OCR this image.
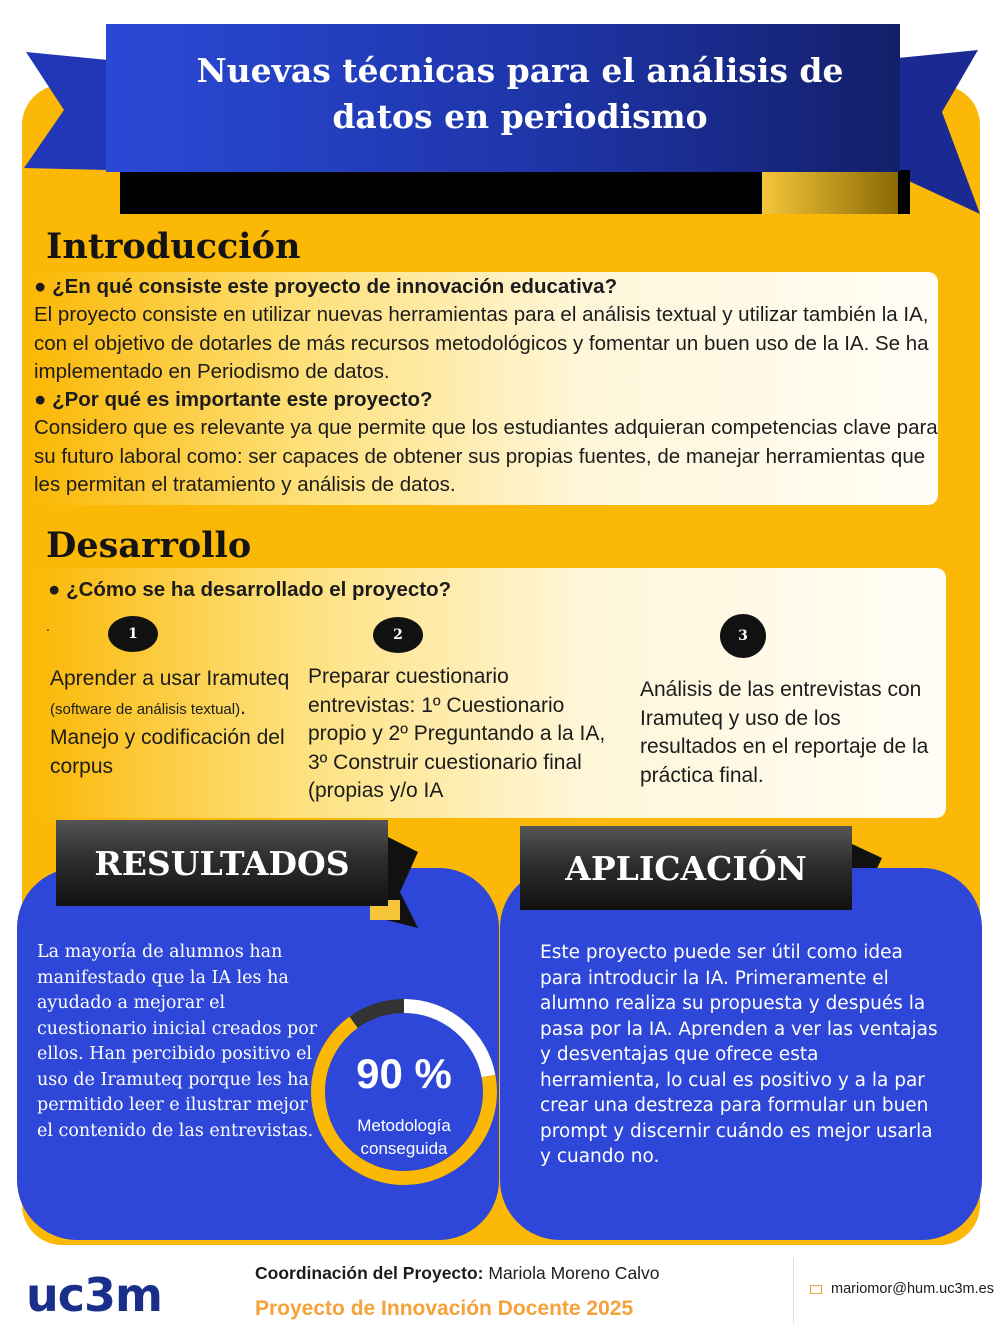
Nuevas técnicas para el análisis de
datos en periodismo
Introducción
● ¿En qué consiste este proyecto de innovación educativa?
El proyecto consiste en utilizar nuevas herramientas para el análisis textual y utilizar también la IA, con el objetivo de dotarles de más recursos metodológicos y fomentar un buen uso de la IA. Se ha implementado en Periodismo de datos.
● ¿Por qué es importante este proyecto?
Considero que es relevante ya que permite que los estudiantes adquieran competencias clave para su futuro laboral como: ser capaces de obtener sus propias fuentes, de manejar herramientas que les permitan el tratamiento y análisis de datos.
Desarrollo
● ¿Cómo se ha desarrollado el proyecto?
.	1	2	3
Aprender a usar Iramuteq (software de análisis textual). Manejo y codificación del corpus
Preparar cuestionario entrevistas: 1º Cuestionario propio y 2º Preguntando a la IA, 3º Construir cuestionario final (propias y/o IA
Análisis de las entrevistas con Iramuteq y uso de los resultados en el reportaje de la práctica final.
RESULTADOS
La mayoría de alumnos han manifestado que la IA les ha ayudado a mejorar el cuestionario inicial creados por ellos. Han percibido positivo el uso de Iramuteq porque les ha permitido leer e ilustrar mejor el contenido de las entrevistas.
90 %
Metodología conseguida
APLICACIÓN
Este proyecto puede ser útil como idea para introducir la IA. Primeramente el alumno realiza su propuesta y después la pasa por la IA. Aprenden a ver las ventajas y desventajas que ofrece esta herramienta, lo cual es positivo y a la par crear una destreza para formular un buen prompt y discernir cuándo es mejor usarla y cuando no.
uc3m	Coordinación del Proyecto: Mariola Moreno Calvo
Proyecto de Innovación Docente 2025
mariomor@hum.uc3m.es
